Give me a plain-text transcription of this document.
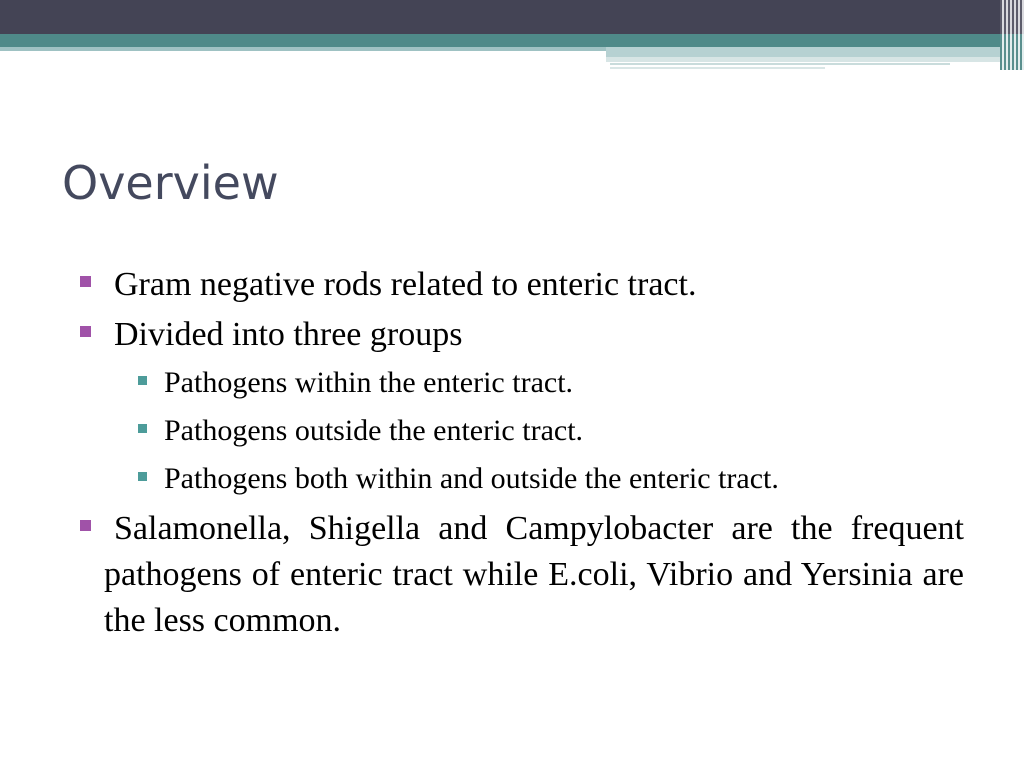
Overview
Gram negative rods related to enteric tract.
Divided into three groups
Pathogens within the enteric tract.
Pathogens outside the enteric tract.
Pathogens both within and outside the enteric tract.
Salamonella, Shigella and Campylobacter are the frequent pathogens of enteric tract while E.coli, Vibrio and Yersinia are the less common.
